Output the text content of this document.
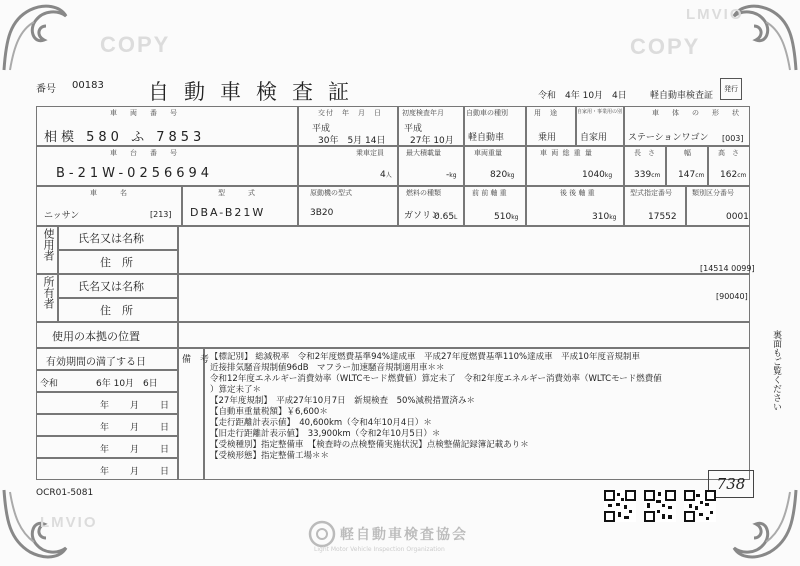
COPY	COPY
LMVIO
LMVIO
番号 00183 自動車検査証	令和　4年 10月　4日	軽自動車検査証
発行
車　両　番　号
相模 580 ふ 7853
交付　年　月　日
平成
30年　5月 14日
初度検査年月
平成
27年 10月
自動車の種別
軽自動車
用　途
乗用
自家用・事業用の別
自家用
車　体　の　形　状
ステーションワゴン [003]
車　台　番　号
B-21W-0256694
乗車定員
4人
最大積載量
-kg
車両重量
820kg
車 両 総 重 量
1040kg
長　さ
339cm
幅
147cm
高　さ
162cm
車　　名
ニッサン	[213]
型　　式
DBA-B21W
原動機の型式
3B20
燃料の種類
ガソリン
0.65L
前 前 軸 重
510kg
後 後 軸 重
310kg
型式指定番号
17552
類別区分番号
0001
使用者 氏名又は名称
住　所	[14514 0099]
所有者 氏名又は名称
住　所
[90040]
使用の本拠の位置
有効期間の満了する日
令和	6年 10月　6日
年　月　日
年　月　日
年　月　日
年　月　日
備　考 【標記別】 総減税率　令和2年度燃費基準94%達成車　平成27年度燃費基準110%達成車　平成10年度音規制車
近接排気騒音規制値96dB　マフラー加速騒音規制適用車＊＊
令和12年度エネルギー消費効率（WLTCモード燃費値）算定未了　令和2年度エネルギー消費効率（WLTCモード燃費値
）算定未了＊
【27年度規制】　平成27年10月7日　新規検査　50%減税措置済み＊
【自動車重量税額】￥6,600＊
【走行距離計表示値】　40,600km（令和4年10月4日）＊
【旧走行距離計表示値】　33,900km（令和2年10月5日）＊
【受検種別】指定整備車　【検査時の点検整備実施状況】点検整備記録簿記載あり＊
【受検形態】指定整備工場＊＊
裏面もご覧ください
OCR01-5081	738
軽自動車検査協会
Light Motor Vehicle Inspection Organization
